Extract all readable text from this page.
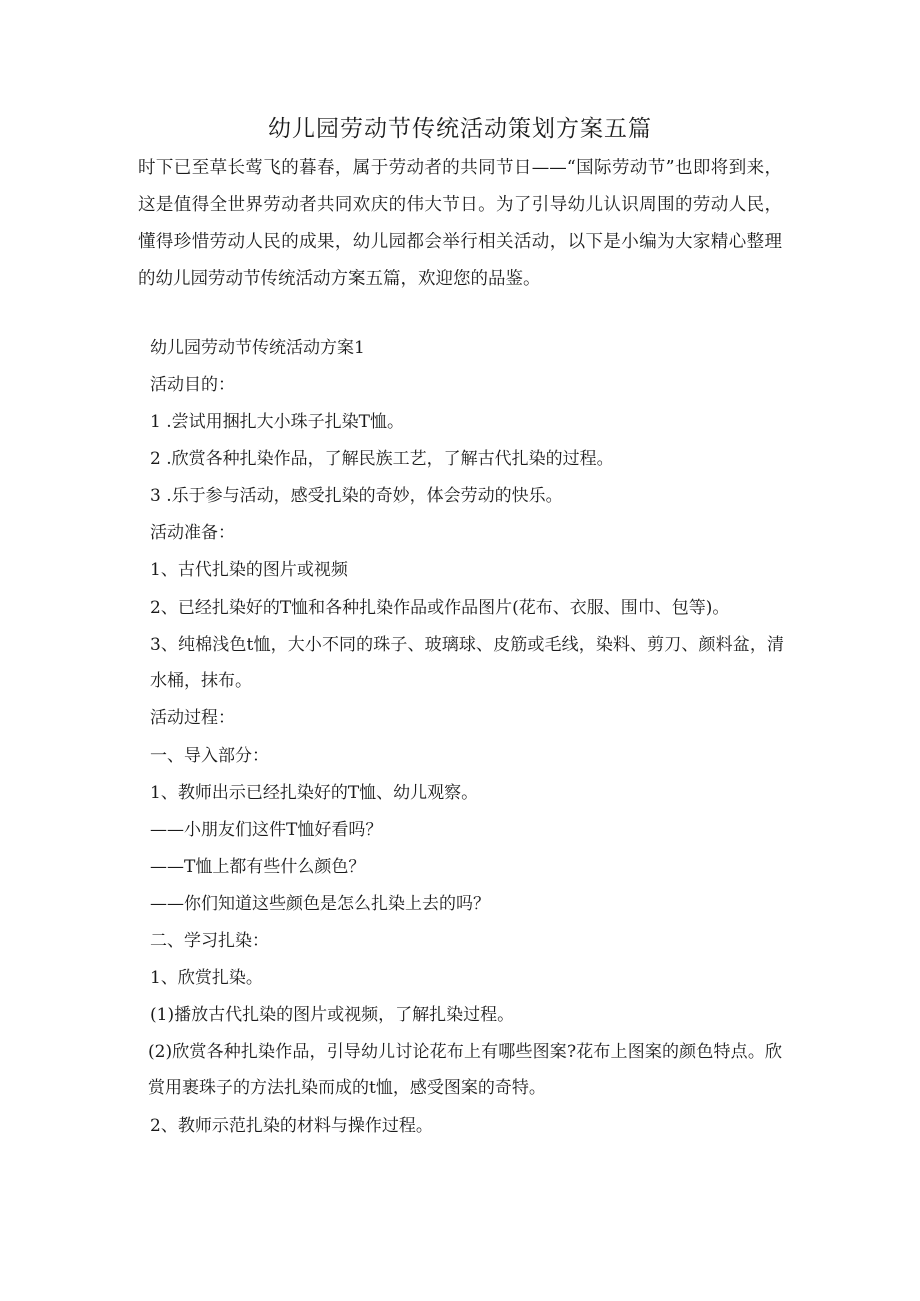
幼儿园劳动节传统活动策划方案五篇
时下已至草长莺飞的暮春，属于劳动者的共同节日——“国际劳动节”也即将到来，这是值得全世界劳动者共同欢庆的伟大节日。为了引导幼儿认识周围的劳动人民，懂得珍惜劳动人民的成果，幼儿园都会举行相关活动，以下是小编为大家精心整理的幼儿园劳动节传统活动方案五篇，欢迎您的品鉴。
幼儿园劳动节传统活动方案1
活动目的：
1 .尝试用捆扎大小珠子扎染T恤。
2 .欣赏各种扎染作品，了解民族工艺，了解古代扎染的过程。
3 .乐于参与活动，感受扎染的奇妙，体会劳动的快乐。
活动准备：
1、古代扎染的图片或视频
2、已经扎染好的T恤和各种扎染作品或作品图片(花布、衣服、围巾、包等)。
3、纯棉浅色t恤，大小不同的珠子、玻璃球、皮筋或毛线，染料、剪刀、颜料盆，清水桶，抹布。
活动过程：
一、导入部分：
1、教师出示已经扎染好的T恤、幼儿观察。
——小朋友们这件T恤好看吗？
——T恤上都有些什么颜色？
——你们知道这些颜色是怎么扎染上去的吗？
二、学习扎染：
1、欣赏扎染。
(1)播放古代扎染的图片或视频，了解扎染过程。
(2)欣赏各种扎染作品，引导幼儿讨论花布上有哪些图案?花布上图案的颜色特点。欣赏用裹珠子的方法扎染而成的t恤，感受图案的奇特。
2、教师示范扎染的材料与操作过程。
